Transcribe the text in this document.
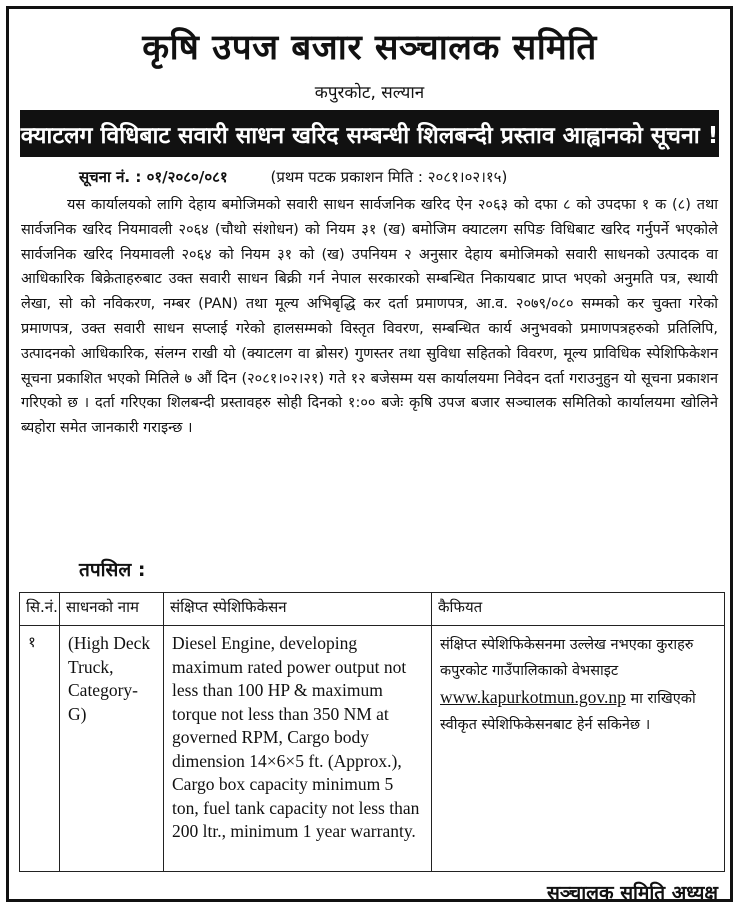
कृषि उपज बजार सञ्चालक समिति
कपुरकोट, सल्यान
क्याटलग विधिबाट सवारी साधन खरिद सम्बन्धी शिलबन्दी प्रस्ताव आह्वानको सूचना !
सूचना नं. : ०१/२०८०/०८१	(प्रथम पटक प्रकाशन मिति : २०८१।०२।१५)
यस कार्यालयको लागि देहाय बमोजिमको सवारी साधन सार्वजनिक खरिद ऐन २०६३ को दफा ८ को उपदफा १ क (८) तथा सार्वजनिक खरिद नियमावली २०६४ (चौथो संशोधन) को नियम ३१ (ख) बमोजिम क्याटलग सपिङ विधिबाट खरिद गर्नुपर्ने भएकोले सार्वजनिक खरिद नियमावली २०६४ को नियम ३१ को (ख) उपनियम २ अनुसार देहाय बमोजिमको सवारी साधनको उत्पादक वा आधिकारिक बिक्रेताहरुबाट उक्त सवारी साधन बिक्री गर्न नेपाल सरकारको सम्बन्धित निकायबाट प्राप्त भएको अनुमति पत्र, स्थायी लेखा, सो को नविकरण, नम्बर (PAN) तथा मूल्य अभिबृद्धि कर दर्ता प्रमाणपत्र, आ.व. २०७९/०८० सम्मको कर चुक्ता गरेको प्रमाणपत्र, उक्त सवारी साधन सप्लाई गरेको हालसम्मको विस्तृत विवरण, सम्बन्धित कार्य अनुभवको प्रमाणपत्रहरुको प्रतिलिपि, उत्पादनको आधिकारिक, संलग्न राखी यो (क्याटलग वा ब्रोसर) गुणस्तर तथा सुविधा सहितको विवरण, मूल्य प्राविधिक स्पेशिफिकेशन सूचना प्रकाशित भएको मितिले ७ औं दिन (२०८१।०२।२१) गते १२ बजेसम्म यस कार्यालयमा निवेदन दर्ता गराउनुहुन यो सूचना प्रकाशन गरिएको छ । दर्ता गरिएका शिलबन्दी प्रस्तावहरु सोही दिनको १:०० बजेः कृषि उपज बजार सञ्चालक समितिको कार्यालयमा खोलिने ब्यहोरा समेत जानकारी गराइन्छ ।
तपसिल :
सि.नं.	साधनको नाम	संक्षिप्त स्पेशिफिकेसन	कैफियत
१	(High Deck Truck, Category-G)	Diesel Engine, developing maximum rated power output not less than 100 HP & maximum torque not less than 350 NM at governed RPM, Cargo body dimension 14×6×5 ft. (Approx.), Cargo box capacity minimum 5 ton, fuel tank capacity not less than 200 ltr., minimum 1 year warranty.	संक्षिप्त स्पेशिफिकेसनमा उल्लेख नभएका कुराहरु कपुरकोट गाउँपालिकाको वेभसाइट www.kapurkotmun.gov.np मा राखिएको स्वीकृत स्पेशिफिकेसनबाट हेर्न सकिनेछ ।
सञ्चालक समिति अध्यक्ष
